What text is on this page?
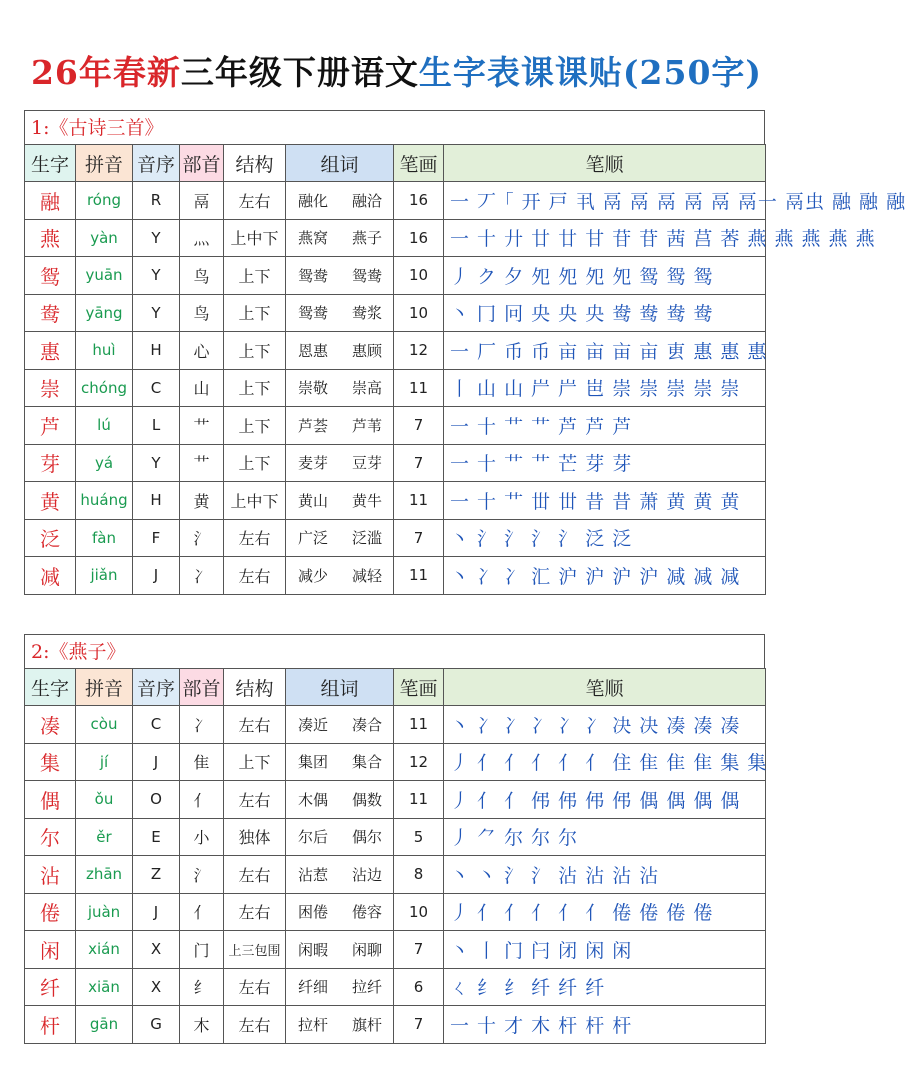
26年春新三年级下册语文生字表课课贴(250字)
1:《古诗三首》
生字	拼音	音序	部首	结构	组词	笔画	笔顺
融	róng	R	鬲	左右	融化 融洽	16	一 丆 ｢ 开 戸 丮 鬲 鬲 鬲 鬲 鬲 鬲一 鬲虫 融 融 融
燕	yàn	Y	灬	上中下	燕窝 燕子	16	一 十 廾 廿 廿 甘 苷 苷 茜 莒 莕 燕 燕 燕 燕 燕
鸳	yuān	Y	鸟	上下	鸳鸯 鸳鸯	10	丿 ク 夕 夗 夗 夗 夗 鸳 鸳 鸳
鸯	yāng	Y	鸟	上下	鸳鸯 鸯浆	10	丶 冂 冋 央 央 央 鸯 鸯 鸯 鸯
惠	huì	H	心	上下	恩惠 惠顾	12	一 厂 币 币 亩 亩 亩 亩 叀 惠 惠 惠
崇	chóng	C	山	上下	崇敬 崇高	11	丨 山 山 屵 屵 岜 崇 崇 崇 崇 崇
芦	lú	L	艹	上下	芦荟 芦苇	7	一 十 艹 艹 芦 芦 芦
芽	yá	Y	艹	上下	麦芽 豆芽	7	一 十 艹 艹 芒 芽 芽
黄	huáng	H	黄	上中下	黄山 黄牛	11	一 十 艹 丗 丗 昔 昔 萧 黄 黄 黄
泛	fàn	F	氵	左右	广泛 泛滥	7	丶 氵 氵 氵 氵 泛 泛
减	jiǎn	J	冫	左右	减少 减轻	11	丶 冫 冫 汇 沪 沪 沪 沪 减 减 减
2:《燕子》
生字	拼音	音序	部首	结构	组词	笔画	笔顺
凑	còu	C	冫	左右	凑近 凑合	11	丶 冫 冫 冫 冫 冫 决 决 凑 凑 凑
集	jí	J	隹	上下	集团 集合	12	丿 亻 亻 亻 亻 亻 住 隹 隹 隹 集 集
偶	ǒu	O	亻	左右	木偶 偶数	11	丿 亻 亻 伄 伄 伄 伄 偶 偶 偶 偶
尔	ěr	E	小	独体	尔后 偶尔	5	丿 ⺈ 尔 尔 尔
沾	zhān	Z	氵	左右	沾惹 沾边	8	丶 丶 氵 氵 沾 沾 沾 沾
倦	juàn	J	亻	左右	困倦 倦容	10	丿 亻 亻 亻 亻 亻 倦 倦 倦 倦
闲	xián	X	门	上三包围	闲暇 闲聊	7	丶 丨 门 闩 闭 闲 闲
纤	xiān	X	纟	左右	纤细 拉纤	6	ㄑ 纟 纟 纤 纤 纤
杆	gān	G	木	左右	拉杆 旗杆	7	一 十 才 木 杆 杆 杆
